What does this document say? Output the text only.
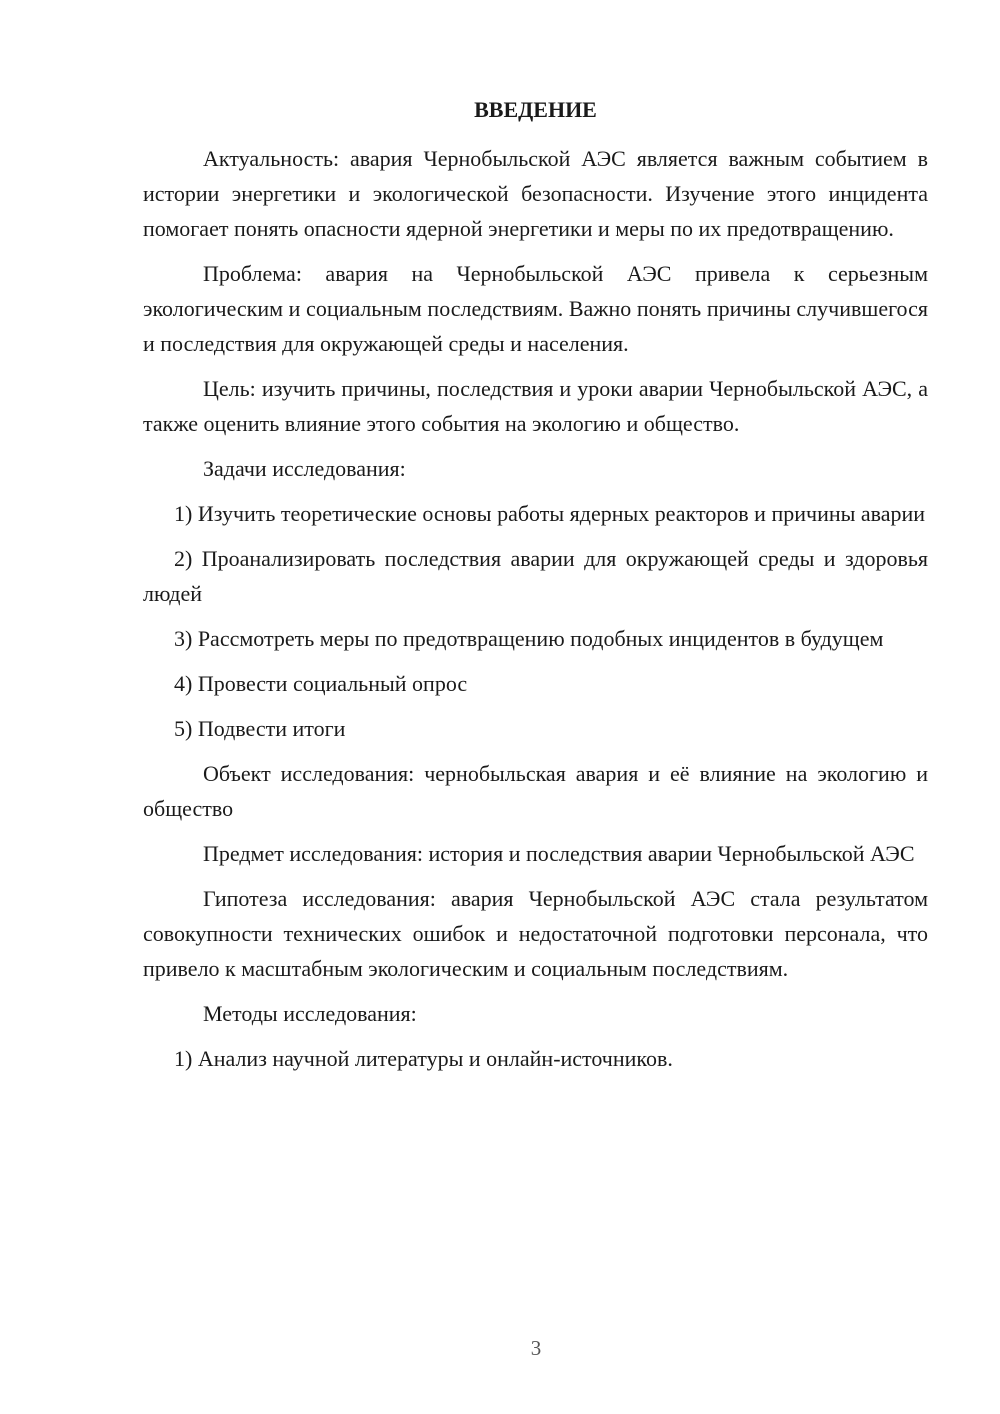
ВВЕДЕНИЕ

Актуальность: авария Чернобыльской АЭС является важным событием в истории энергетики и экологической безопасности. Изучение этого инцидента помогает понять опасности ядерной энергетики и меры по их предотвращению.

Проблема: авария на Чернобыльской АЭС привела к серьезным экологическим и социальным последствиям. Важно понять причины случившегося и последствия для окружающей среды и населения.

Цель: изучить причины, последствия и уроки аварии Чернобыльской АЭС, а также оценить влияние этого события на экологию и общество.

Задачи исследования:

1) Изучить теоретические основы работы ядерных реакторов и причины аварии

2) Проанализировать последствия аварии для окружающей среды и здоровья людей

3) Рассмотреть меры по предотвращению подобных инцидентов в будущем

4) Провести социальный опрос

5) Подвести итоги

Объект исследования: чернобыльская авария и её влияние на экологию и общество

Предмет исследования: история и последствия аварии Чернобыльской АЭС

Гипотеза исследования: авария Чернобыльской АЭС стала результатом совокупности технических ошибок и недостаточной подготовки персонала, что привело к масштабным экологическим и социальным последствиям.

Методы исследования:

1) Анализ научной литературы и онлайн-источников.

3
